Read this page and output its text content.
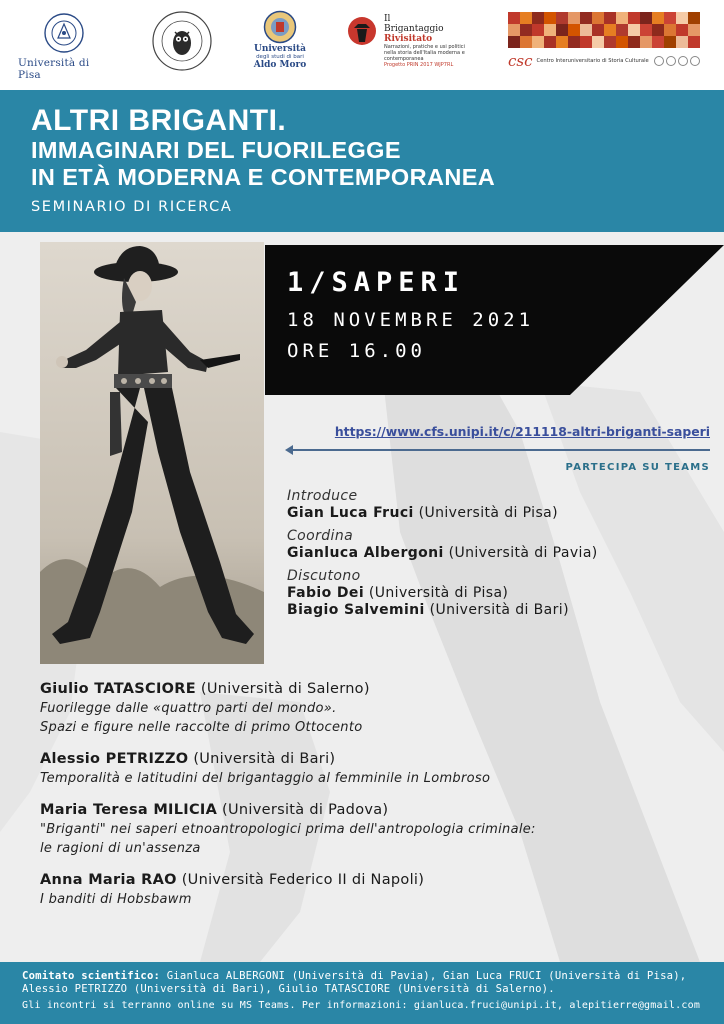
Università di Pisa
Università
degli studi di bari
Aldo Moro
Il
Brigantaggio
Rivisitato
Narrazioni, pratiche e usi politici nella storia dell'Italia moderna e contemporanea
Progetto PRIN 2017 WJP7RL	csc Centro Interuniversitario di Storia Culturale
ALTRI BRIGANTI.
IMMAGINARI DEL FUORILEGGE
IN ETÀ MODERNA E CONTEMPORANEA
SEMINARIO DI RICERCA
1/SAPERI
18 NOVEMBRE 2021
ORE 16.00
https://www.cfs.unipi.it/c/211118-altri-briganti-saperi
PARTECIPA SU TEAMS
Introduce
Gian Luca Fruci (Università di Pisa)
Coordina
Gianluca Albergoni (Università di Pavia)
Discutono
Fabio Dei (Università di Pisa)
Biagio Salvemini (Università di Bari)
Giulio TATASCIORE (Università di Salerno)
Fuorilegge dalle «quattro parti del mondo».
Spazi e figure nelle raccolte di primo Ottocento
Alessio PETRIZZO (Università di Bari)
Temporalità e latitudini del brigantaggio al femminile in Lombroso
Maria Teresa MILICIA (Università di Padova)
"Briganti" nei saperi etnoantropologici prima dell'antropologia criminale:
le ragioni di un'assenza
Anna Maria RAO (Università Federico II di Napoli)
I banditi di Hobsbawm
Comitato scientifico: Gianluca ALBERGONI (Università di Pavia), Gian Luca FRUCI (Università di Pisa), Alessio PETRIZZO (Università di Bari), Giulio TATASCIORE (Università di Salerno).
Gli incontri si terranno online su MS Teams. Per informazioni: gianluca.fruci@unipi.it, alepitierre@gmail.com
